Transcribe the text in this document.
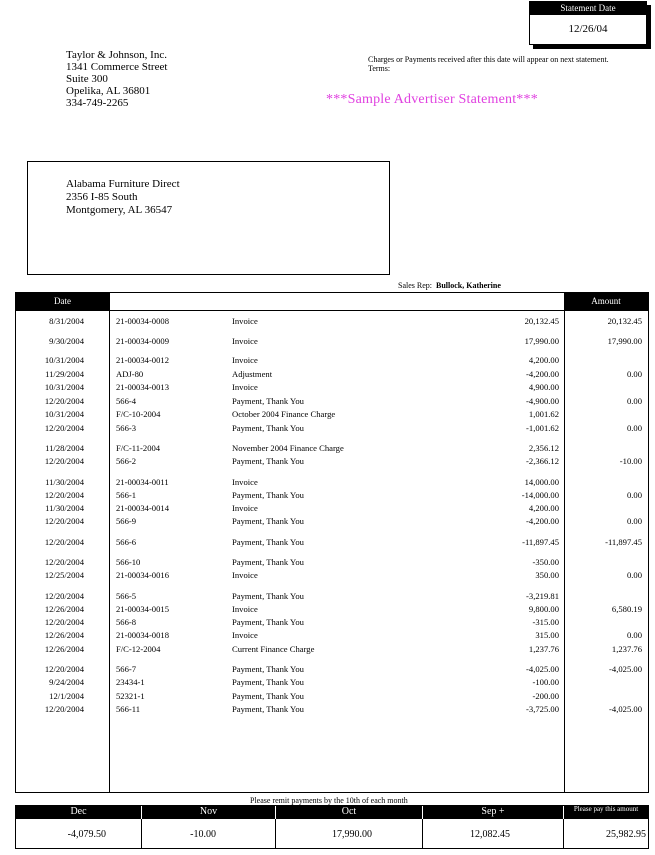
Statement Date
12/26/04
Taylor & Johnson, Inc.
1341 Commerce Street
Suite 300
Opelika, AL 36801
334-749-2265
Charges or Payments received after this date will appear on next statement.
Terms:
***Sample Advertiser Statement***
Alabama Furniture Direct
2356 I-85 South
Montgomery, AL 36547
Sales Rep: Bullock, Katherine
Date	Amount
8/31/2004	21-00034-0008	Invoice	20,132.45	20,132.45
9/30/2004	21-00034-0009	Invoice	17,990.00	17,990.00
10/31/2004	21-00034-0012	Invoice	4,200.00
11/29/2004	ADJ-80	Adjustment	-4,200.00	0.00
10/31/2004	21-00034-0013	Invoice	4,900.00
12/20/2004	566-4	Payment, Thank You	-4,900.00	0.00
10/31/2004	F/C-10-2004	October 2004 Finance Charge	1,001.62
12/20/2004	566-3	Payment, Thank You	-1,001.62	0.00
11/28/2004	F/C-11-2004	November 2004 Finance Charge	2,356.12
12/20/2004	566-2	Payment, Thank You	-2,366.12	-10.00
11/30/2004	21-00034-0011	Invoice	14,000.00
12/20/2004	566-1	Payment, Thank You	-14,000.00	0.00
11/30/2004	21-00034-0014	Invoice	4,200.00
12/20/2004	566-9	Payment, Thank You	-4,200.00	0.00
12/20/2004	566-6	Payment, Thank You	-11,897.45	-11,897.45
12/20/2004	566-10	Payment, Thank You	-350.00
12/25/2004	21-00034-0016	Invoice	350.00	0.00
12/20/2004	566-5	Payment, Thank You	-3,219.81
12/26/2004	21-00034-0015	Invoice	9,800.00	6,580.19
12/20/2004	566-8	Payment, Thank You	-315.00
12/26/2004	21-00034-0018	Invoice	315.00	0.00
12/26/2004	F/C-12-2004	Current Finance Charge	1,237.76	1,237.76
12/20/2004	566-7	Payment, Thank You	-4,025.00	-4,025.00
9/24/2004	23434-1	Payment, Thank You	-100.00
12/1/2004	52321-1	Payment, Thank You	-200.00
12/20/2004	566-11	Payment, Thank You	-3,725.00	-4,025.00
Please remit payments by the 10th of each month
Dec	Nov	Oct	Sep +	Please pay this amount
-4,079.50	-10.00	17,990.00	12,082.45	25,982.95
